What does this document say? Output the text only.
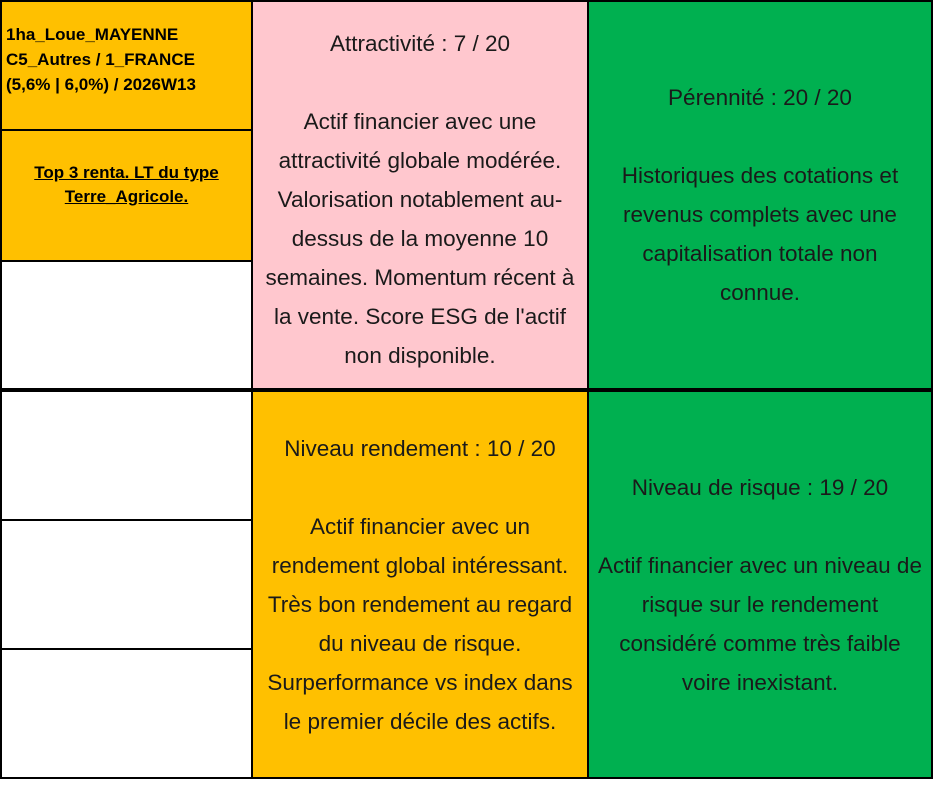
1ha_Loue_MAYENNE
C5_Autres / 1_FRANCE
(5,6% | 6,0%) / 2026W13
Top 3 renta. LT du type
Terre_Agricole.
Attractivité : 7 / 20
Actif financier avec une
attractivité globale modérée.
Valorisation notablement au-
dessus de la moyenne 10
semaines. Momentum récent à
la vente. Score ESG de l'actif
non disponible.
Pérennité : 20 / 20
Historiques des cotations et
revenus complets avec une
capitalisation totale non
connue.
Niveau rendement : 10 / 20
Actif financier avec un
rendement global intéressant.
Très bon rendement au regard
du niveau de risque.
Surperformance vs index dans
le premier décile des actifs.
Niveau de risque : 19 / 20
Actif financier avec un niveau de
risque sur le rendement
considéré comme très faible
voire inexistant.
